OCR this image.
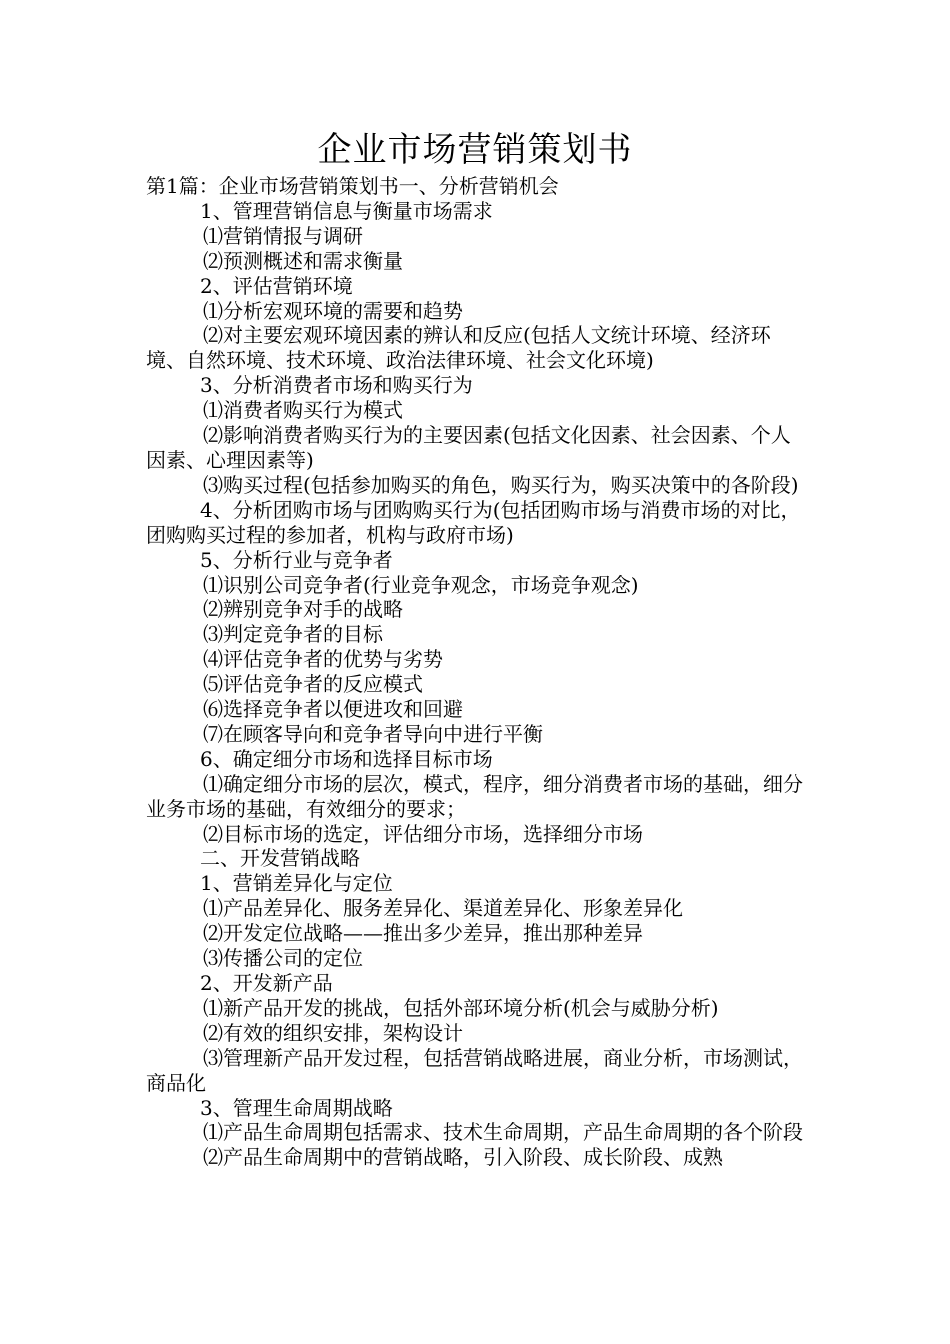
企业市场营销策划书

第1篇：企业市场营销策划书一、分析营销机会

1、管理营销信息与衡量市场需求

⑴营销情报与调研

⑵预测概述和需求衡量

2、评估营销环境

⑴分析宏观环境的需要和趋势

⑵对主要宏观环境因素的辨认和反应(包括人文统计环境、经济环境、自然环境、技术环境、政治法律环境、社会文化环境)

3、分析消费者市场和购买行为

⑴消费者购买行为模式

⑵影响消费者购买行为的主要因素(包括文化因素、社会因素、个人因素、心理因素等)

⑶购买过程(包括参加购买的角色，购买行为，购买决策中的各阶段)

4、分析团购市场与团购购买行为(包括团购市场与消费市场的对比，团购购买过程的参加者，机构与政府市场)

5、分析行业与竞争者

⑴识别公司竞争者(行业竞争观念，市场竞争观念)

⑵辨别竞争对手的战略

⑶判定竞争者的目标

⑷评估竞争者的优势与劣势

⑸评估竞争者的反应模式

⑹选择竞争者以便进攻和回避

⑺在顾客导向和竞争者导向中进行平衡

6、确定细分市场和选择目标市场

⑴确定细分市场的层次，模式，程序，细分消费者市场的基础，细分业务市场的基础，有效细分的要求；

⑵目标市场的选定，评估细分市场，选择细分市场

二、开发营销战略

1、营销差异化与定位

⑴产品差异化、服务差异化、渠道差异化、形象差异化

⑵开发定位战略——推出多少差异，推出那种差异

⑶传播公司的定位

2、开发新产品

⑴新产品开发的挑战，包括外部环境分析(机会与威胁分析)

⑵有效的组织安排，架构设计

⑶管理新产品开发过程，包括营销战略进展，商业分析，市场测试，商品化

3、管理生命周期战略

⑴产品生命周期包括需求、技术生命周期，产品生命周期的各个阶段

⑵产品生命周期中的营销战略，引入阶段、成长阶段、成熟
